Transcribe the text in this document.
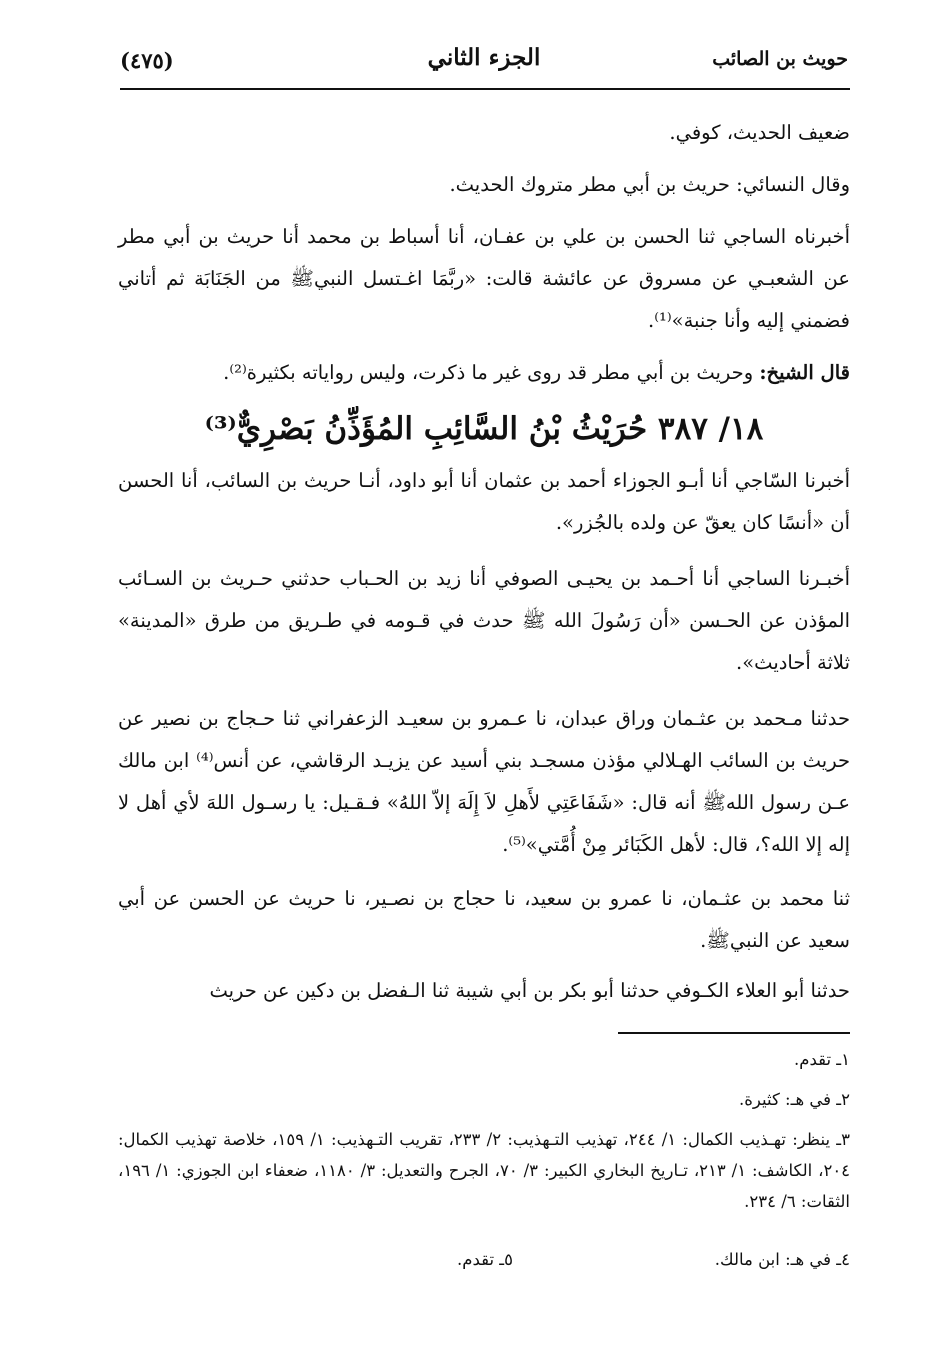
حويث بن الصائب
الجزء الثاني
(٤٧٥)
ضعيف الحديث، كوفي.
وقال النسائي: حريث بن أبي مطر متروك الحديث.
أخبرناه الساجي ثنا الحسن بن علي بن عفـان، أنا أسباط بن محمد أنا حريث بن أبي مطر عن الشعبـي عن مسروق عن عائشة قالت: «ربَّمَا اغـتسل النبيﷺ من الجَنَابَة ثم أتاني فضمني إليه وأنا جنبة»⁽¹⁾.
قال الشيخ: وحريث بن أبي مطر قد روى غير ما ذكرت، وليس رواياته بكثيرة⁽²⁾.
١٨/ ٣٨٧ حُرَيْثُ بْنُ السَّائِبِ المُؤَذِّنُ بَصْرِيٌّ⁽³⁾
أخبرنا السّاجي أنا أبـو الجوزاء أحمد بن عثمان أنا أبو داود، أنـا حريث بن السائب، أنا الحسن أن «أنسًا كان يعقّ عن ولده بالجُزر».
أخبـرنا الساجي أنا أحـمد بن يحيـى الصوفي أنا زيد بن الحـباب حدثني حـريث بن السـائب المؤذن عن الحـسن «أن رَسُولَ الله ﷺ حدث في قـومه في طـريق من طرق «المدينة» ثلاثة أحاديث».
حدثنا مـحمد بن عثـمان وراق عبدان، نا عـمرو بن سعيـد الزعفراني ثنا حـجاج بن نصير عن حريث بن السائب الهـلالي مؤذن مسجـد بني أسيد عن يزيـد الرقاشي، عن أنس⁽⁴⁾ ابن مالك عـن رسول اللهﷺ أنه قال: «شَفَاعَتِي لأَهلِ لاَ إِلَهَ إلاّ اللهُ» فـقـيل: يا رسـول اللهَ لأي أهل لا إله إلا الله؟، قال: لأهل الكَبَائر مِنْ أُمَّتي»⁽⁵⁾.
ثنا محمد بن عثـمان، نا عمرو بن سعيد، نا حجاج بن نصـير، نا حريث عن الحسن عن أبي سعيد عن النبيﷺ.
حدثنا أبو العلاء الكـوفي حدثنا أبو بكر بن أبي شيبة ثنا الـفضل بن دكين عن حريث
١ـ تقدم.
٢ـ في هـ: كثيرة.
٣ـ ينظر: تهـذيب الكمال: ١/ ٢٤٤، تهذيب التـهذيب: ٢/ ٢٣٣، تقريب التـهذيب: ١/ ١٥٩، خلاصة تهذيب الكمال: ٢٠٤، الكاشف: ١/ ٢١٣، تـاريخ البخاري الكبير: ٣/ ٧٠، الجرح والتعديل: ٣/ ١١٨٠، ضعفاء ابن الجوزي: ١/ ١٩٦، الثقات: ٦/ ٢٣٤.
٤ـ في هـ: ابن مالك.
٥ـ تقدم.
